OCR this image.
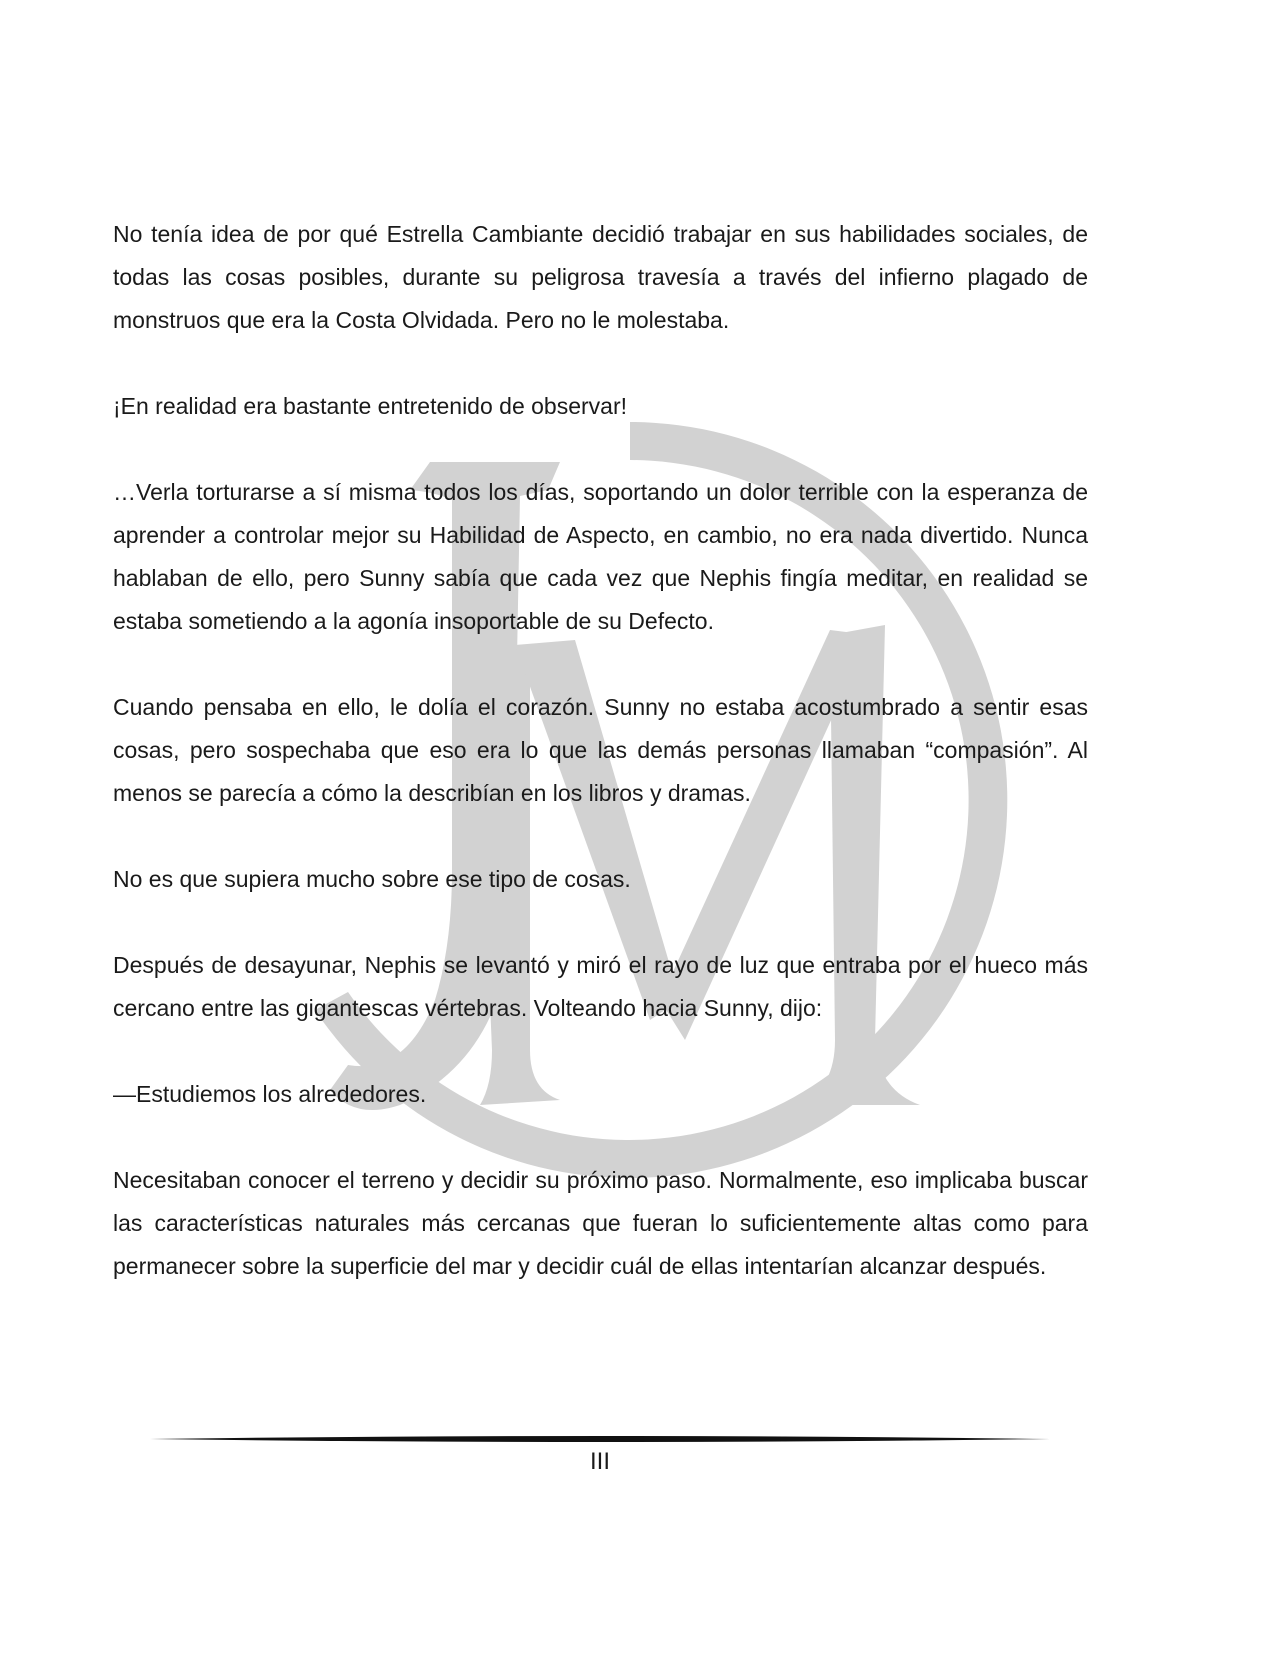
No tenía idea de por qué Estrella Cambiante decidió trabajar en sus habilidades sociales, de todas las cosas posibles, durante su peligrosa travesía a través del infierno plagado de monstruos que era la Costa Olvidada. Pero no le molestaba.

¡En realidad era bastante entretenido de observar!

…Verla torturarse a sí misma todos los días, soportando un dolor terrible con la esperanza de aprender a controlar mejor su Habilidad de Aspecto, en cambio, no era nada divertido. Nunca hablaban de ello, pero Sunny sabía que cada vez que Nephis fingía meditar, en realidad se estaba sometiendo a la agonía insoportable de su Defecto.

Cuando pensaba en ello, le dolía el corazón. Sunny no estaba acostumbrado a sentir esas cosas, pero sospechaba que eso era lo que las demás personas llamaban “compasión”. Al menos se parecía a cómo la describían en los libros y dramas.

No es que supiera mucho sobre ese tipo de cosas.

Después de desayunar, Nephis se levantó y miró el rayo de luz que entraba por el hueco más cercano entre las gigantescas vértebras. Volteando hacia Sunny, dijo:

—Estudiemos los alrededores.

Necesitaban conocer el terreno y decidir su próximo paso. Normalmente, eso implicaba buscar las características naturales más cercanas que fueran lo suficientemente altas como para permanecer sobre la superficie del mar y decidir cuál de ellas intentarían alcanzar después.

III
